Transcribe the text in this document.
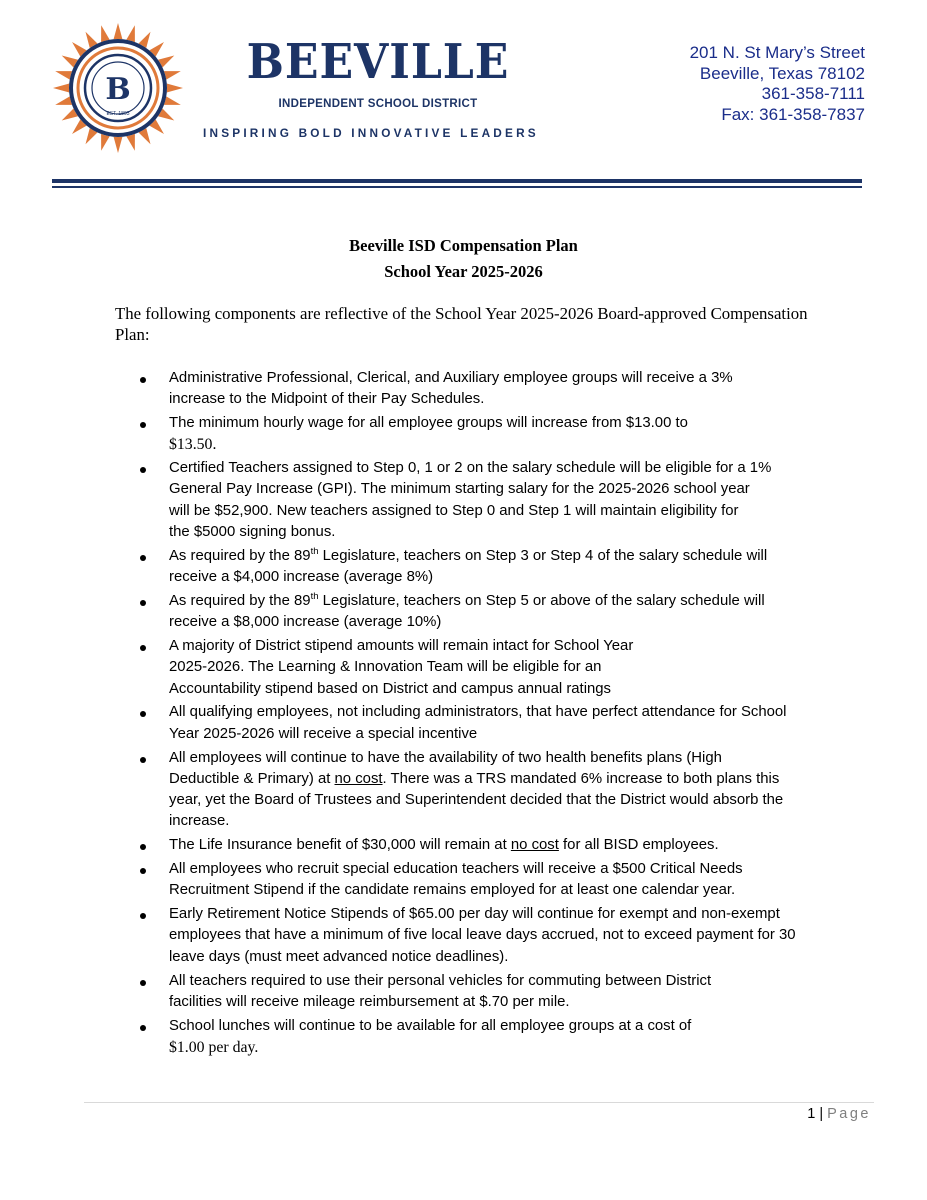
B
EST. 1893
BEEVILLE
INDEPENDENT SCHOOL DISTRICT
INSPIRING BOLD INNOVATIVE LEADERS
201 N. St Mary’s Street
Beeville, Texas 78102
361-358-7111
Fax: 361-358-7837
Beeville ISD Compensation Plan
School Year 2025-2026
The following components are reflective of the School Year 2025-2026 Board-approved Compensation
Plan:
Administrative Professional, Clerical, and Auxiliary employee groups will receive a 3%
increase to the Midpoint of their Pay Schedules.
The minimum hourly wage for all employee groups will increase from $13.00 to
$13.50.
Certified Teachers assigned to Step 0, 1 or 2 on the salary schedule will be eligible for a 1%
General Pay Increase (GPI). The minimum starting salary for the 2025-2026 school year
will be $52,900. New teachers assigned to Step 0 and Step 1 will maintain eligibility for
the $5000 signing bonus.
As required by the 89th Legislature, teachers on Step 3 or Step 4 of the salary schedule will
receive a $4,000 increase (average 8%)
As required by the 89th Legislature, teachers on Step 5 or above of the salary schedule will
receive a $8,000 increase (average 10%)
A majority of District stipend amounts will remain intact for School Year
2025-2026. The Learning & Innovation Team will be eligible for an
Accountability stipend based on District and campus annual ratings
All qualifying employees, not including administrators, that have perfect attendance for School
Year 2025-2026 will receive a special incentive
All employees will continue to have the availability of two health benefits plans (High
Deductible & Primary) at no cost. There was a TRS mandated 6% increase to both plans this
year, yet the Board of Trustees and Superintendent decided that the District would absorb the
increase.
The Life Insurance benefit of $30,000 will remain at no cost for all BISD employees.
All employees who recruit special education teachers will receive a $500 Critical Needs
Recruitment Stipend if the candidate remains employed for at least one calendar year.
Early Retirement Notice Stipends of $65.00 per day will continue for exempt and non-exempt
employees that have a minimum of five local leave days accrued, not to exceed payment for 30
leave days (must meet advanced notice deadlines).
All teachers required to use their personal vehicles for commuting between District
facilities will receive mileage reimbursement at $.70 per mile.
School lunches will continue to be available for all employee groups at a cost of
$1.00 per day.
1 | Page
